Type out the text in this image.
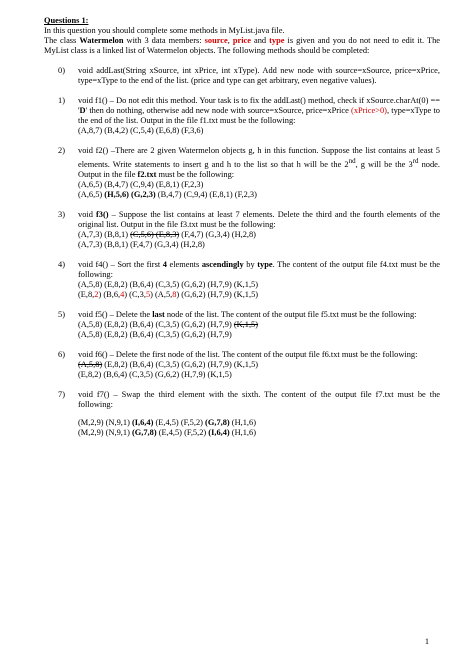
Questions 1:
In this question you should complete some methods in MyList.java file.
The class Watermelon with 3 data members: source, price and type is given and you do not need to edit it. The MyList class is a linked list of Watermelon objects. The following methods should be completed:
0)	void addLast(String xSource, int xPrice, int xType). Add new node with source=xSource, price=xPrice, type=xType to the end of the list. (price and type can get arbitrary, even negative values).
1)	void f1() – Do not edit this method. Your task is to fix the addLast() method, check if xSource.charAt(0) == 'D' then do nothing, otherwise add new node with source=xSource, price=xPrice (xPrice>0), type=xType to the end of the list. Output in the file f1.txt must be the following:
(A,8,7) (B,4,2) (C,5,4) (E,6,8) (F,3,6)
2)	void f2() –There are 2 given Watermelon objects g, h in this function. Suppose the list contains at least 5 elements. Write statements to insert g and h to the list so that h will be the 2nd, g will be the 3rd node. Output in the file f2.txt must be the following:
(A,6,5) (B,4,7) (C,9,4) (E,8,1) (F,2,3)
(A,6,5) (H,5,6) (G,2,3) (B,4,7) (C,9,4) (E,8,1) (F,2,3)
3)	void f3() – Suppose the list contains at least 7 elements. Delete the third and the fourth elements of the original list. Output in the file f3.txt must be the following:
(A,7,3) (B,8,1) (C,5,6) (E,8,3) (F,4,7) (G,3,4) (H,2,8)
(A,7,3) (B,8,1) (F,4,7) (G,3,4) (H,2,8)
4)	void f4() – Sort the first 4 elements ascendingly by type. The content of the output file f4.txt must be the following:
(A,5,8) (E,8,2) (B,6,4) (C,3,5) (G,6,2) (H,7,9) (K,1,5)
(E,8,2) (B,6,4) (C,3,5) (A,5,8) (G,6,2) (H,7,9) (K,1,5)
5)	void f5() – Delete the last node of the list. The content of the output file f5.txt must be the following:
(A,5,8) (E,8,2) (B,6,4) (C,3,5) (G,6,2) (H,7,9) (K,1,5)
(A,5,8) (E,8,2) (B,6,4) (C,3,5) (G,6,2) (H,7,9)
6)	void f6() – Delete the first node of the list. The content of the output file f6.txt must be the following:
(A,5,8) (E,8,2) (B,6,4) (C,3,5) (G,6,2) (H,7,9) (K,1,5)
(E,8,2) (B,6,4) (C,3,5) (G,6,2) (H,7,9) (K,1,5)
7)	void f7() – Swap the third element with the sixth. The content of the output file f7.txt must be the following:
(M,2,9) (N,9,1) (I,6,4) (E,4,5) (F,5,2) (G,7,8) (H,1,6)
(M,2,9) (N,9,1) (G,7,8) (E,4,5) (F,5,2) (I,6,4) (H,1,6)
1
